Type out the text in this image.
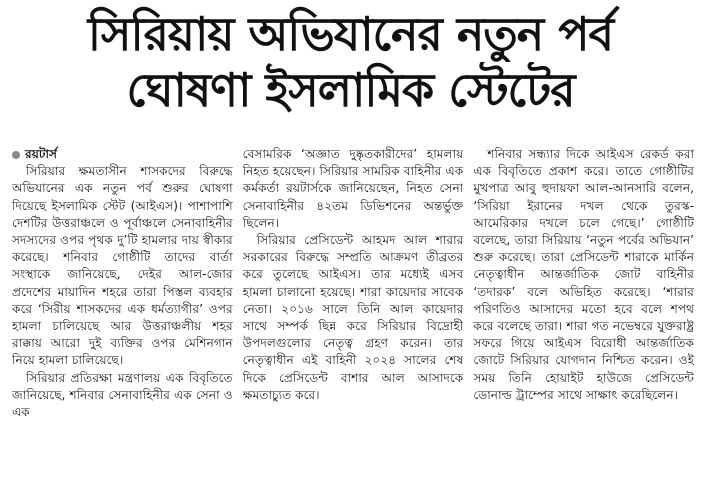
সিরিয়ায় অভিযানের নতুন পর্ব
ঘোষণা ইসলামিক স্টেটের
রয়টার্স

সিরিয়ার ক্ষমতাসীন শাসকদের বিরুদ্ধে অভিযানের এক নতুন পর্ব শুরুর ঘোষণা দিয়েছে ইসলামিক স্টেট (আইএস)। পাশাপাশি দেশটির উত্তরাঞ্চলে ও পূর্বাঞ্চলে সেনাবাহিনীর সদস্যদের ওপর পৃথক দু’টি হামলার দায় স্বীকার করেছে। শনিবার গোষ্ঠীটি তাদের বার্তা সংস্থাকে জানিয়েছে, দেইর আল-জোর প্রদেশের মায়াদিন শহরে তারা পিস্তল ব্যবহার করে ‘সিরীয় শাসকদের এক ধর্মত্যাগীর’ ওপর হামলা চালিয়েছে আর উত্তরাঞ্চলীয় শহর রাক্কায় আরো দুই ব্যক্তির ওপর মেশিনগান নিয়ে হামলা চালিয়েছে।

সিরিয়ার প্রতিরক্ষা মন্ত্রণালয় এক বিবৃতিতে জানিয়েছে, শনিবার সেনাবাহিনীর এক সেনা ও এক

বেসামরিক ‘অজ্ঞাত দুষ্কৃতকারীদের’ হামলায় নিহত হয়েছেন। সিরিয়ার সামরিক বাহিনীর এক কর্মকর্তা রয়টার্সকে জানিয়েছেন, নিহত সেনা সেনাবাহিনীর ৪২তম ডিভিশনের অন্তর্ভুক্ত ছিলেন।

সিরিয়ার প্রেসিডেন্ট আহমদ আল শারার সরকারের বিরুদ্ধে সম্প্রতি আক্রমণ তীব্রতর করে তুলেছে আইএস। তার মধ্যেই এসব হামলা চালানো হয়েছে। শারা কায়েদার সাবেক নেতা। ২০১৬ সালে তিনি আল কায়েদার সাথে সম্পর্ক ছিন্ন করে সিরিয়ার বিদ্রোহী উপদলগুলোর নেতৃত্ব গ্রহণ করেন। তার নেতৃত্বাধীন এই বাহিনী ২০২৪ সালের শেষ দিকে প্রেসিডেন্ট বাশার আল আসাদকে ক্ষমতাচ্যুত করে।

শনিবার সন্ধ্যার দিকে আইএস রেকর্ড করা এক বিবৃতিতে প্রকাশ করে। তাতে গোষ্ঠীটির মুখপাত্র আবু হুদায়ফা আল-আনসারি বলেন, ‘সিরিয়া ইরানের দখল থেকে তুরস্ক-আমেরিকার দখলে চলে গেছে।’ গোষ্ঠীটি বলেছে, তারা সিরিয়ায় ‘নতুন পর্বের অভিযান’ শুরু করেছে। তারা প্রেসিডেন্ট শারাকে মার্কিন নেতৃত্বাধীন আন্তর্জাতিক জোট বাহিনীর ‘তদারক’ বলে অভিহিত করেছে। ‘শারার পরিণতিও আসাদের মতো হবে বলে শপথ করে বলেছে তারা। শারা গত নভেম্বরে যুক্তরাষ্ট্র সফরে গিয়ে আইএস বিরোধী আন্তর্জাতিক জোটে সিরিয়ার যোগদান নিশ্চিত করেন। ওই সময় তিনি হোয়াইট হাউজে প্রেসিডেন্ট ডোনাল্ড ট্রাম্পের সাথে সাক্ষাৎ করেছিলেন।
